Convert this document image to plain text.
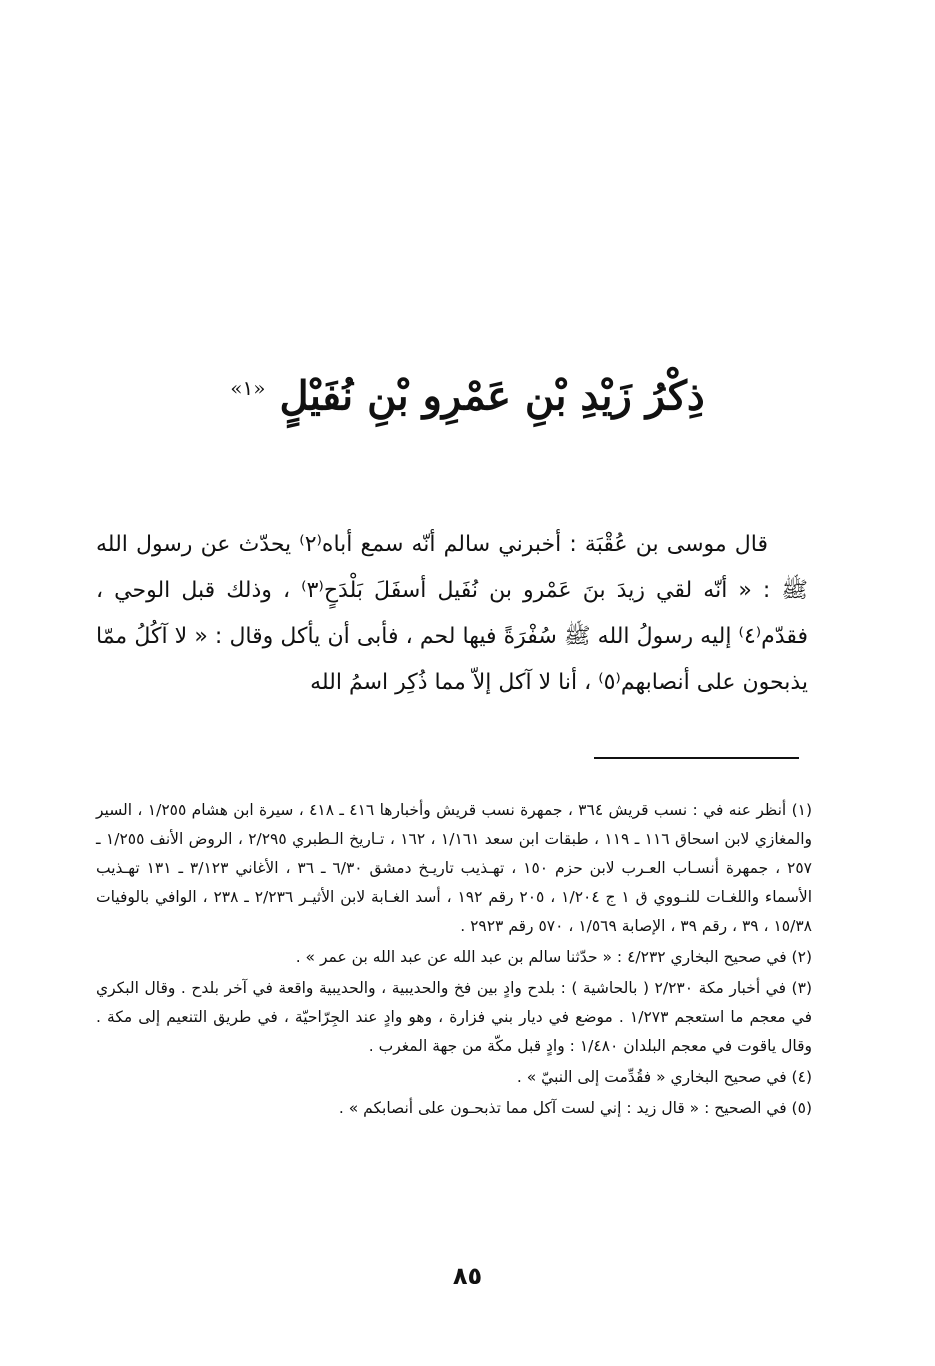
ذِكْرُ زَيْدِ بْنِ عَمْرِو بْنِ نُفَيْلٍ $^{«١»}$

قال موسى بن عُقْبَة : أخبرني سالم أنّه سمع أباه⁽٢⁾ يحدّث عن رسول الله ﷺ : « أنّه لقي زيدَ بنَ عَمْرو بن نُفَيل أسفَلَ بَلْدَحٍ⁽٣⁾ ، وذلك قبل الوحي ، فقدّم⁽٤⁾ إليه رسولُ الله ﷺ سُفْرَةً فيها لحم ، فأبى أن يأكل وقال : « لا آكُلُ ممّا يذبحون على أنصابهم⁽٥⁾ ، أنا لا آكل إلاّ مما ذُكِر اسمُ الله

(١) أنظر عنه في : نسب قريش ٣٦٤ ، جمهرة نسب قريش وأخبارها ٤١٦ ـ ٤١٨ ، سيرة ابن هشام ١/٢٥٥ ، السير والمغازي لابن اسحاق ١١٦ ـ ١١٩ ، طبقات ابن سعد ١/١٦١ ، ١٦٢ ، تـاريخ الـطبري ٢/٢٩٥ ، الروض الأنف ١/٢٥٥ ـ ٢٥٧ ، جمهرة أنسـاب العـرب لابن حزم ١٥٠ ، تهـذيب تاريـخ دمشق ٦/٣٠ ـ ٣٦ ، الأغاني ٣/١٢٣ ـ ١٣١ تهـذيب الأسماء واللغـات للنـووي ق ١ ج ١/٢٠٤ ، ٢٠٥ رقم ١٩٢ ، أسد الغـابة لابن الأثيـر ٢/٢٣٦ ـ ٢٣٨ ، الوافي بالوفيات ١٥/٣٨ ، ٣٩ ، رقم ٣٩ ، الإصابة ١/٥٦٩ ، ٥٧٠ رقم ٢٩٢٣ .

(٢) في صحيح البخاري ٤/٢٣٢ : « حدّثنا سالم بن عبد الله عن عبد الله بن عمر » .

(٣) في أخبار مكة ٢/٢٣٠ ( بالحاشية ) : بلدح وادٍ بين فخ والحديبية ، والحديبية واقعة في آخر بلدح . وقال البكري في معجم ما استعجم ١/٢٧٣ . موضع في ديار بني فزارة ، وهو وادٍ عند الجِرّاحيّة ، في طريق التنعيم إلى مكة . وقال ياقوت في معجم البلدان ١/٤٨٠ : وادٍ قبل مكّة من جهة المغرب .

(٤) في صحيح البخاري « فقُدِّمت إلى النبيّ » .

(٥) في الصحيح : « قال زيد : إني لست آكل مما تذبحـون على أنصابكم » .

٨٥
